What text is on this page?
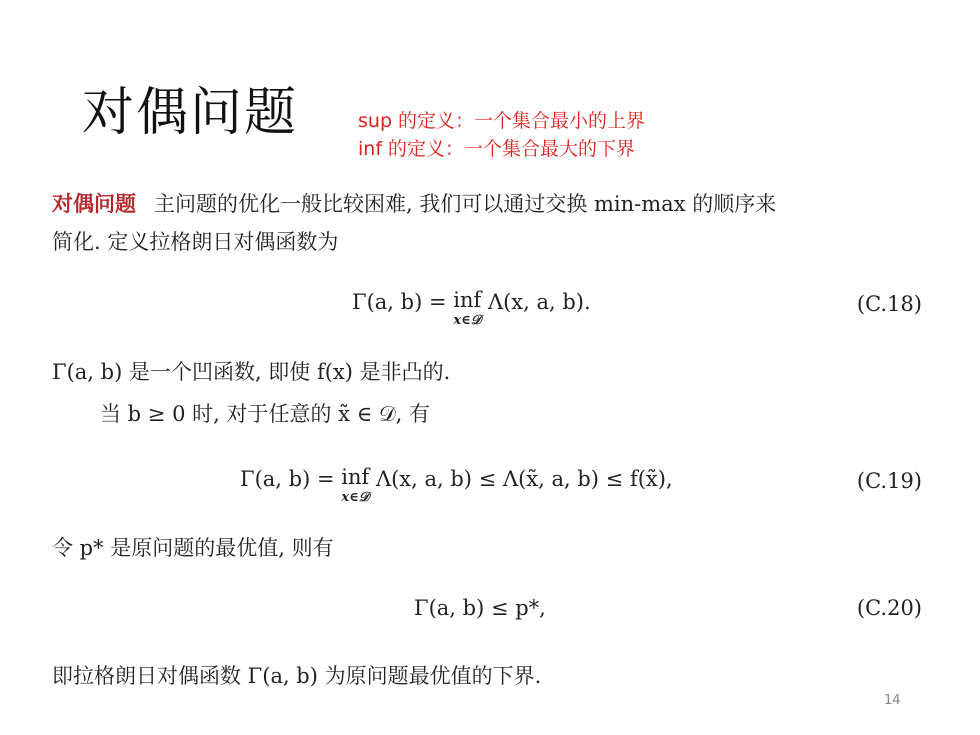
对偶问题	sup 的定义：一个集合最小的上界
inf 的定义：一个集合最大的下界
对偶问题 主问题的优化一般比较困难, 我们可以通过交换 min-max 的顺序来
简化. 定义拉格朗日对偶函数为
Γ(a, b) = inf
x∈𝒟
Λ(x, a, b).	(C.18)
Γ(a, b) 是一个凹函数, 即使 f(x) 是非凸的.
当 b ≥ 0 时, 对于任意的 x̃ ∈ 𝒟, 有
Γ(a, b) = inf
x∈𝒟
Λ(x, a, b) ≤ Λ(x̃, a, b) ≤ f(x̃),	(C.19)
令 p* 是原问题的最优值, 则有
Γ(a, b) ≤ p*,	(C.20)
即拉格朗日对偶函数 Γ(a, b) 为原问题最优值的下界.
14
